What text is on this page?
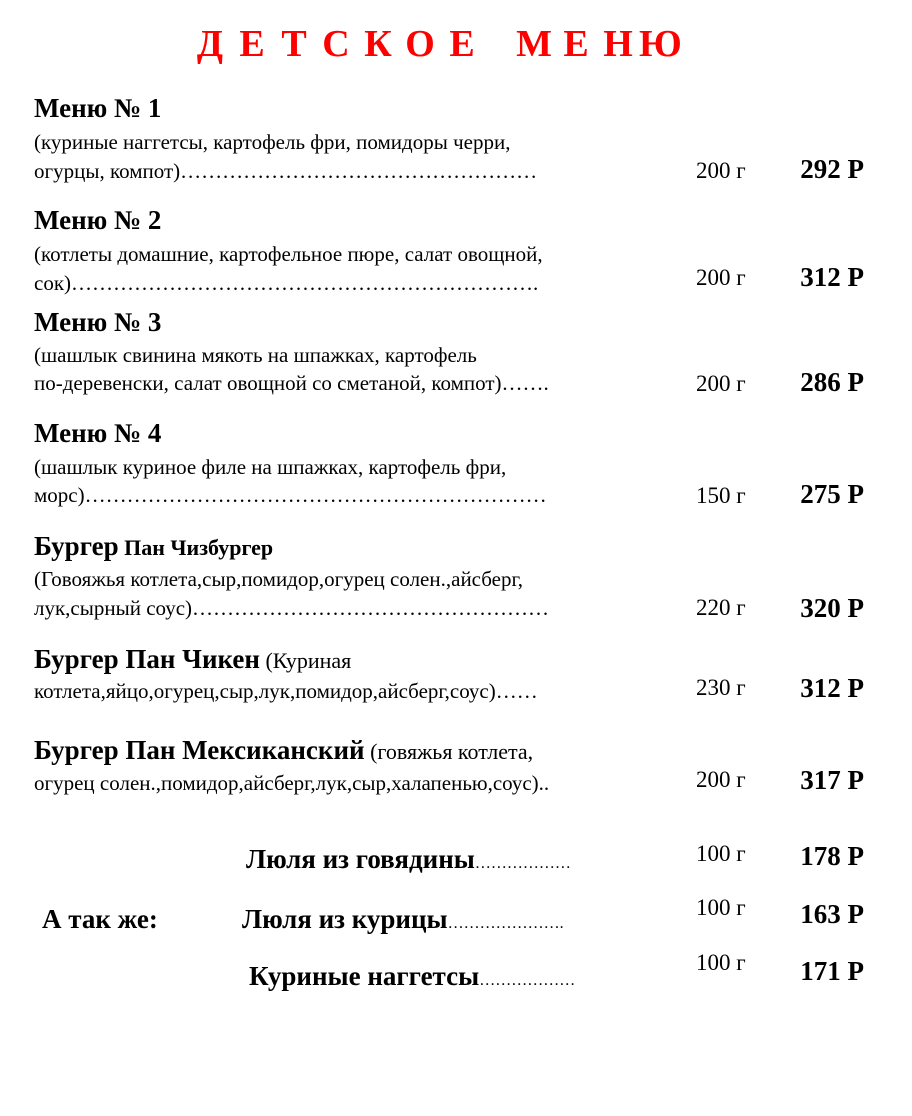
Д Е Т С К О Е М Е Н Ю
Меню № 1
(куриные наггетсы, картофель фри, помидоры черри,
огурцы, компот)……………………………………………	200 г 292 Р
Меню № 2
(котлеты домашние, картофельное пюре, салат овощной,
сок)………………………………………………………….	200 г 312 Р
Меню № 3
(шашлык свинина мякоть на шпажках, картофель
по-деревенски, салат овощной со сметаной, компот)…….	200 г 286 Р
Меню № 4
(шашлык куриное филе на шпажках, картофель фри,
морс)…………………………………………………………	150 г 275 Р
Бургер Пан Чизбургер
(Говояжья котлета,сыр,помидор,огурец солен.,айсберг,
лук,сырный соус)……………………………………………	220 г 320 Р
Бургер Пан Чикен (Куриная
котлета,яйцо,огурец,сыр,лук,помидор,айсберг,соус)……	230 г 312 Р
Бургер Пан Мексиканский (говяжья котлета,
огурец солен.,помидор,айсберг,лук,сыр,халапенью,соус)..	200 г 317 Р
А так же:
Люля из говядины………………	100 г 178 Р
Люля из курицы………………….
100 г 163 Р
Куриные наггетсы………………
100 г 171 Р
